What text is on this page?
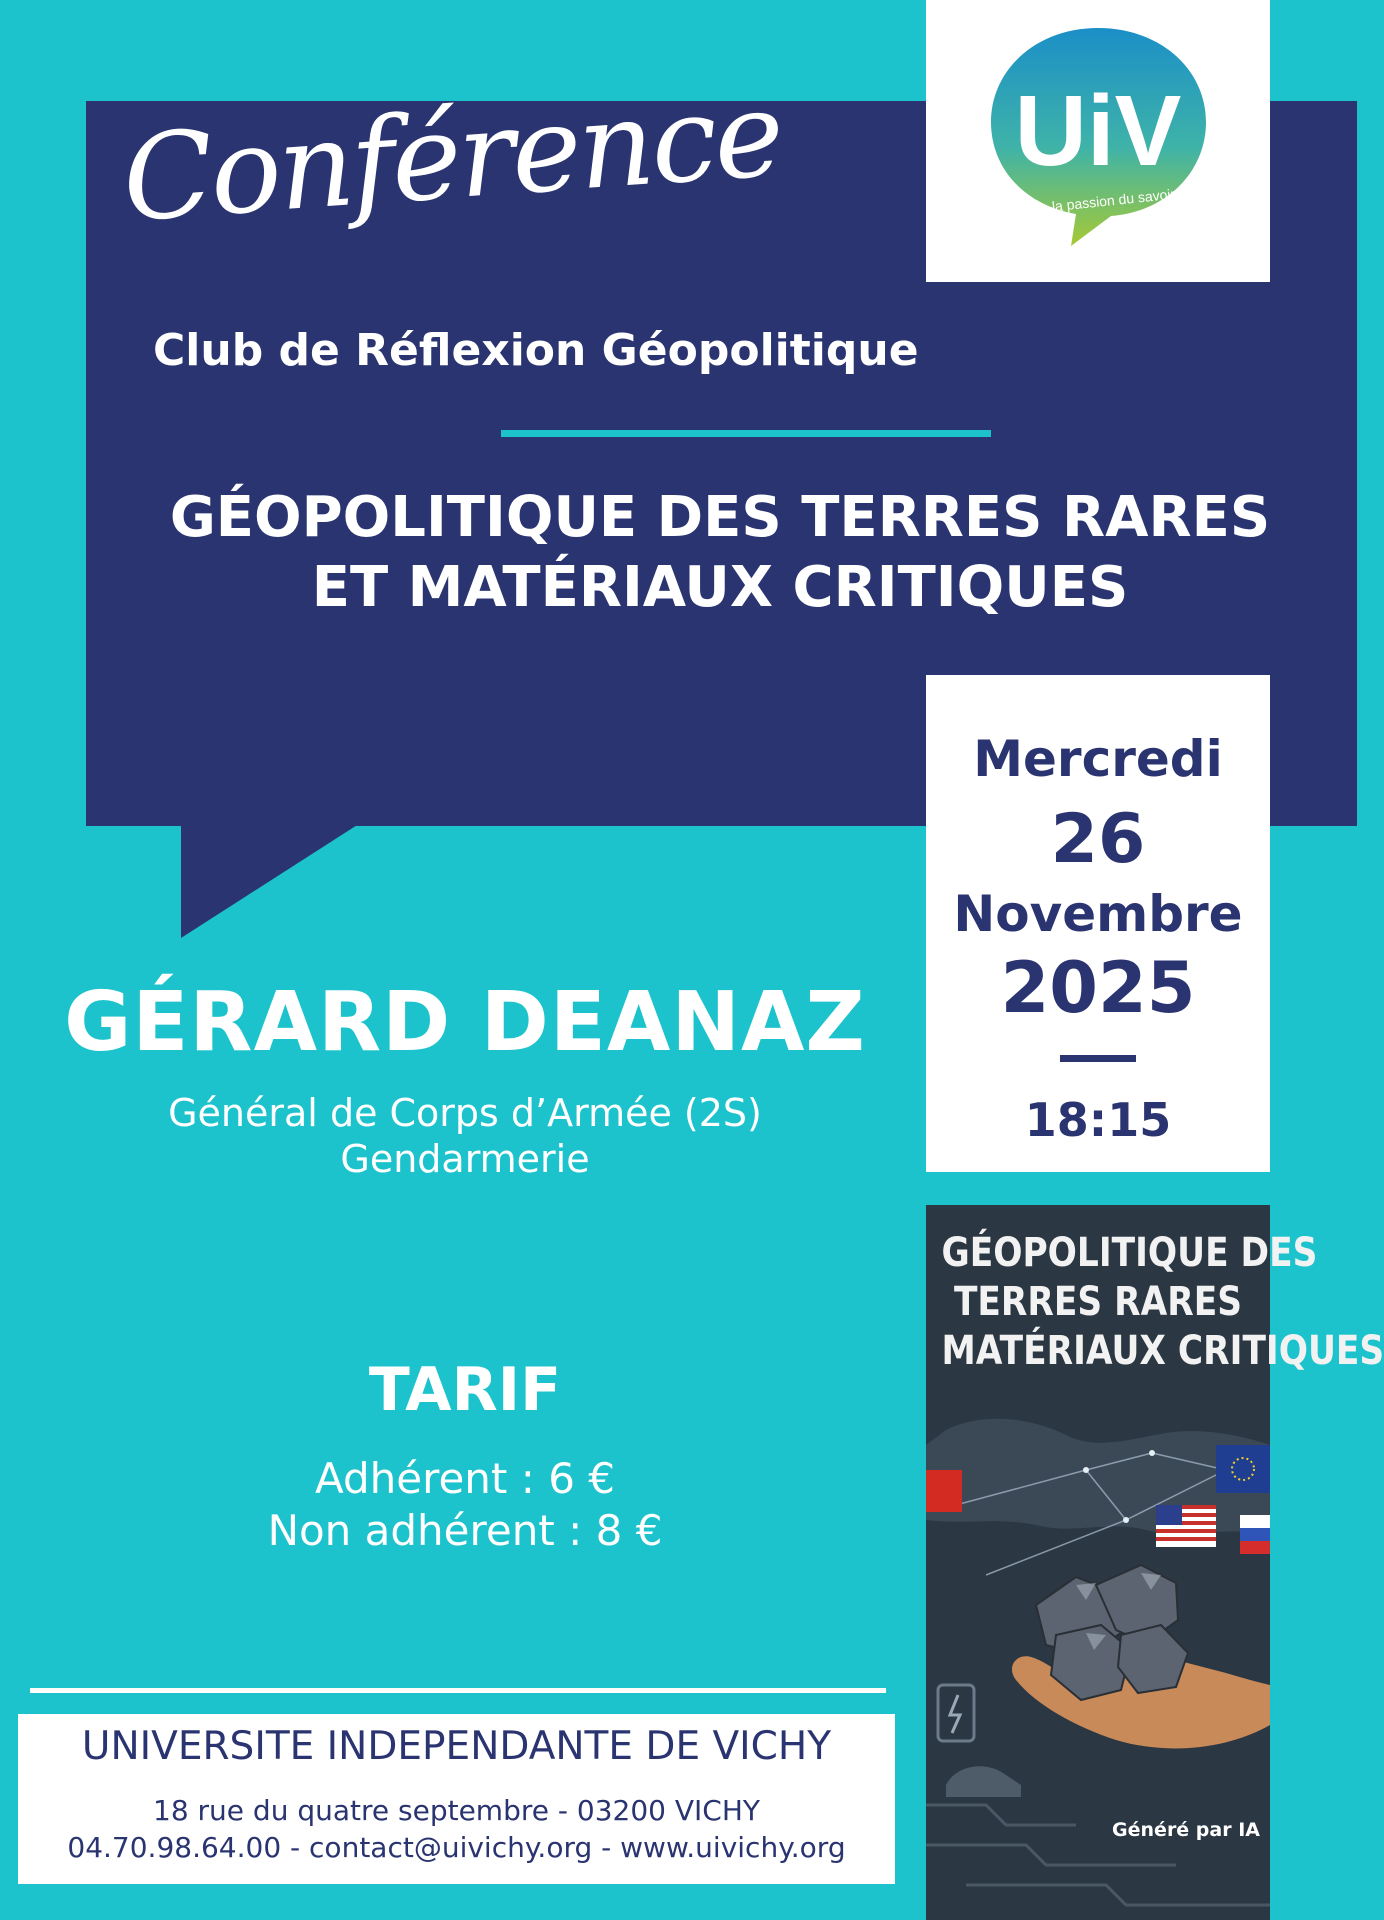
Conférence
Club de Réflexion Géopolitique
GÉOPOLITIQUE DES TERRES RARES
ET MATÉRIAUX CRITIQUES
UiV
la passion du savoir
Mercredi
26
Novembre
2025
18:15
GÉRARD DEANAZ
Général de Corps d’Armée (2S)
Gendarmerie
TARIF
Adhérent : 6 €
Non adhérent : 8 €
UNIVERSITE INDEPENDANTE DE VICHY
18 rue du quatre septembre - 03200 VICHY
04.70.98.64.00 - contact@uivichy.org - www.uivichy.org
GÉOPOLITIQUE DES
TERRES RARES
MATÉRIAUX CRITIQUES
Généré par IA
